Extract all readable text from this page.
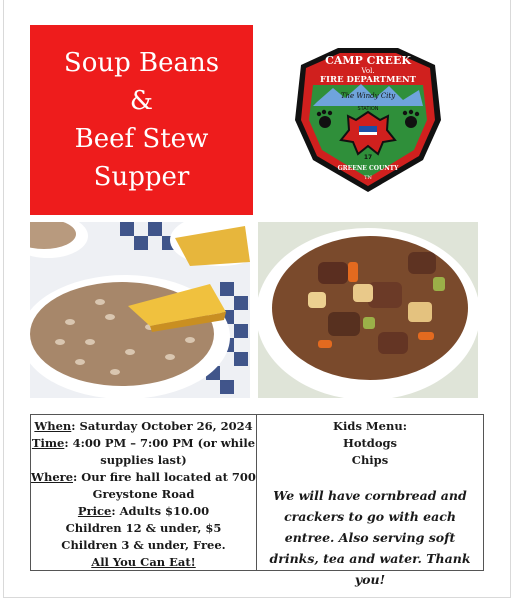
Soup Beans
&
Beef Stew
Supper
CAMP CREEK
Vol.
FIRE DEPARTMENT
The Windy City
STATION
17
GREENE COUNTY
TN
When: Saturday October 26, 2024
Time: 4:00 PM – 7:00 PM (or while
supplies last)
Where: Our fire hall located at 700
Greystone Road
Price: Adults $10.00
Children 12 & under, $5
Children 3 & under, Free.
All You Can Eat!
Kids Menu:
Hotdogs
Chips
We will have cornbread and crackers to go with each entree. Also serving soft drinks, tea and water. Thank you!
